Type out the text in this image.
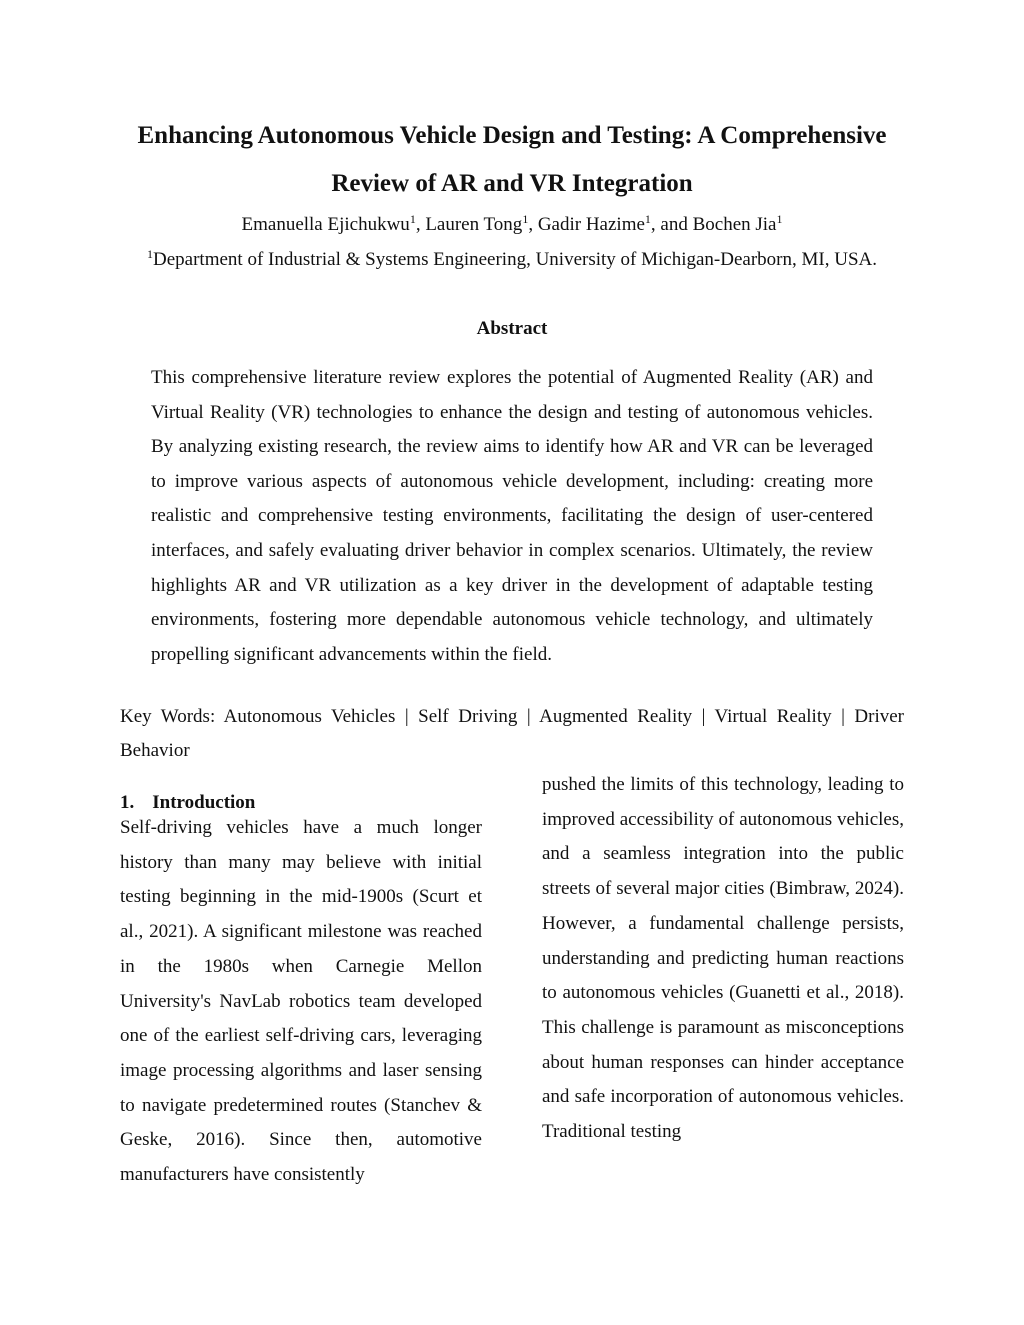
Enhancing Autonomous Vehicle Design and Testing: A Comprehensive Review of AR and VR Integration
Emanuella Ejichukwu$^1$, Lauren Tong$^1$, Gadir Hazime$^1$, and Bochen Jia$^1$
$^1$Department of Industrial & Systems Engineering, University of Michigan-Dearborn, MI, USA.
Abstract

This comprehensive literature review explores the potential of Augmented Reality (AR) and Virtual Reality (VR) technologies to enhance the design and testing of autonomous vehicles. By analyzing existing research, the review aims to identify how AR and VR can be leveraged to improve various aspects of autonomous vehicle development, including: creating more realistic and comprehensive testing environments, facilitating the design of user-centered interfaces, and safely evaluating driver behavior in complex scenarios. Ultimately, the review highlights AR and VR utilization as a key driver in the development of adaptable testing environments, fostering more dependable autonomous vehicle technology, and ultimately propelling significant advancements within the field.

Key Words: Autonomous Vehicles | Self Driving | Augmented Reality | Virtual Reality | Driver Behavior

1. Introduction

Self-driving vehicles have a much longer history than many may believe with initial testing beginning in the mid-1900s (Scurt et al., 2021). A significant milestone was reached in the 1980s when Carnegie Mellon University's NavLab robotics team developed one of the earliest self-driving cars, leveraging image processing algorithms and laser sensing to navigate predetermined routes (Stanchev & Geske, 2016). Since then, automotive manufacturers have consistently

pushed the limits of this technology, leading to improved accessibility of autonomous vehicles, and a seamless integration into the public streets of several major cities (Bimbraw, 2024). However, a fundamental challenge persists, understanding and predicting human reactions to autonomous vehicles (Guanetti et al., 2018). This challenge is paramount as misconceptions about human responses can hinder acceptance and safe incorporation of autonomous vehicles. Traditional testing
